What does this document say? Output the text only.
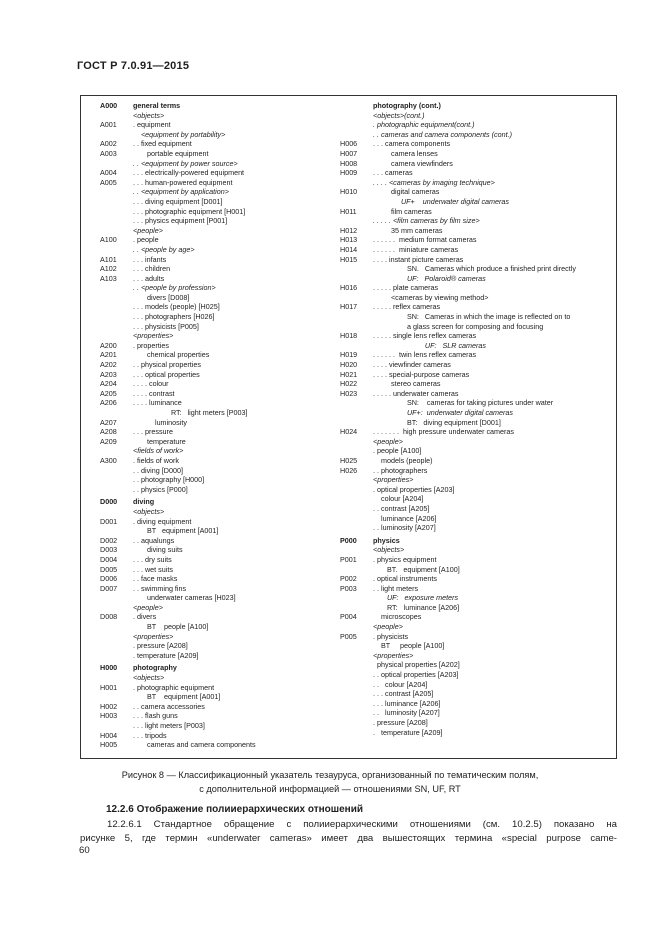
ГОСТ Р 7.0.91—2015
A000 general terms
<objects>
A001 . equipment
<equipment by portability>
A002 . . fixed equipment
A003 portable equipment
. . <equipment by power source>
A004 . . . electrically-powered equipment
A005 . . . human-powered equipment
. . <equipment by application>
. . . diving equipment [D001]
. . . photographic equipment [H001]
. . . physics equipment [P001]
<people>
A100 . people
. . <people by age>
A101 . . . infants
A102 . . . children
A103 . . . adults
. . <people by profession>
divers [D008]
. . . models (people) [H025]
. . . photographers [H026]
. . . physicists [P005]
<properties>
A200 . properties
A201 chemical properties
A202 . . physical properties
A203 . . . optical properties
A204 . . . . colour
A205 . . . . contrast
A206 . . . . luminance
RT:   light meters [P003]
A207 luminosity
A208 . . . pressure
A209 temperature
<fields of work>
A300 . fields of work
. . diving [D000]
. . photography [H000]
. . physics [P000]
D000 diving
<objects>
D001 . diving equipment
BT   equipment [A001]
D002 . . aqualungs
D003 diving suits
D004 . . . dry suits
D005 . . . wet suits
D006 . . face masks
D007 . . swimming fins
underwater cameras [H023]
<people>
D008 . divers
BT    people [A100]
<properties>
. pressure [A208]
. temperature [A209]
H000 photography
<objects>
H001 . photographic equipment
BT    equipment [A001]
H002 . . camera accessories
H003 . . . flash guns
. . . light meters [P003]
H004 . . . tripods
H005 cameras and camera components
photography (cont.)
<objects>(cont.)
. photographic equipment(cont.)
. . cameras and camera components (cont.)
H006 . . . camera components
H007 camera lenses
H008 camera viewfinders
H009 . . . cameras
. . . . <cameras by imaging technique>
H010 digital cameras
UF+    underwater digital cameras
H011 film cameras
. . . . . <film cameras by film size>
H012 35 mm cameras
H013 . . . . . .  medium format cameras
H014 . . . . . .  miniature cameras
H015 . . . . instant picture cameras
SN.   Cameras which produce a finished print directly
UF:   Polaroid® cameras
H016 . . . . . plate cameras
<cameras by viewing method>
H017 . . . . . reflex cameras
SN:   Cameras in which the image is reflected on to
a glass screen for composing and focusing
H018 . . . . . single lens reflex cameras
UF:   SLR cameras
H019 . . . . . .  twin lens reflex cameras
H020 . . . . viewfinder cameras
H021 . . . . special-purpose cameras
H022 stereo cameras
H023 . . . . . underwater cameras
SN:    cameras for taking pictures under water
UF+:  underwater digital cameras
BT:   diving equipment [D001]
H024 . . . . . . .  high pressure underwater cameras
<people>
. people [A100]
H025 models (people)
H026 . . photographers
<properties>
. optical properties [A203]
colour [A204]
. . contrast [A205]
luminance [A206]
. . luminosity [A207]
P000 physics
<objects>
P001 . physics equipment
BT.   equipment [A100]
P002 . optical instruments
P003 . . light meters
UF:   exposure meters
RT:   luminance [A206]
P004 microscopes
<people>
P005 . physicists
BT     people [A100]
<properties>
physical properties [A202]
. . optical properties [A203]
. .   colour [A204]
. . . contrast [A205]
. . . luminance [A206]
. .   luminosity [A207]
. pressure [A208]
.   temperature [A209]
Рисунок 8 — Классификационный указатель тезауруса, организованный по тематическим полям,
с дополнительной информацией — отношениями SN, UF, RT
12.2.6 Отображение полииерархических отношений
12.2.6.1 Стандартное обращение с полииерархическими отношениями (см. 10.2.5) показано на
рисунке 5, где термин «underwater cameras» имеет два вышестоящих термина «special purpose came-
60
